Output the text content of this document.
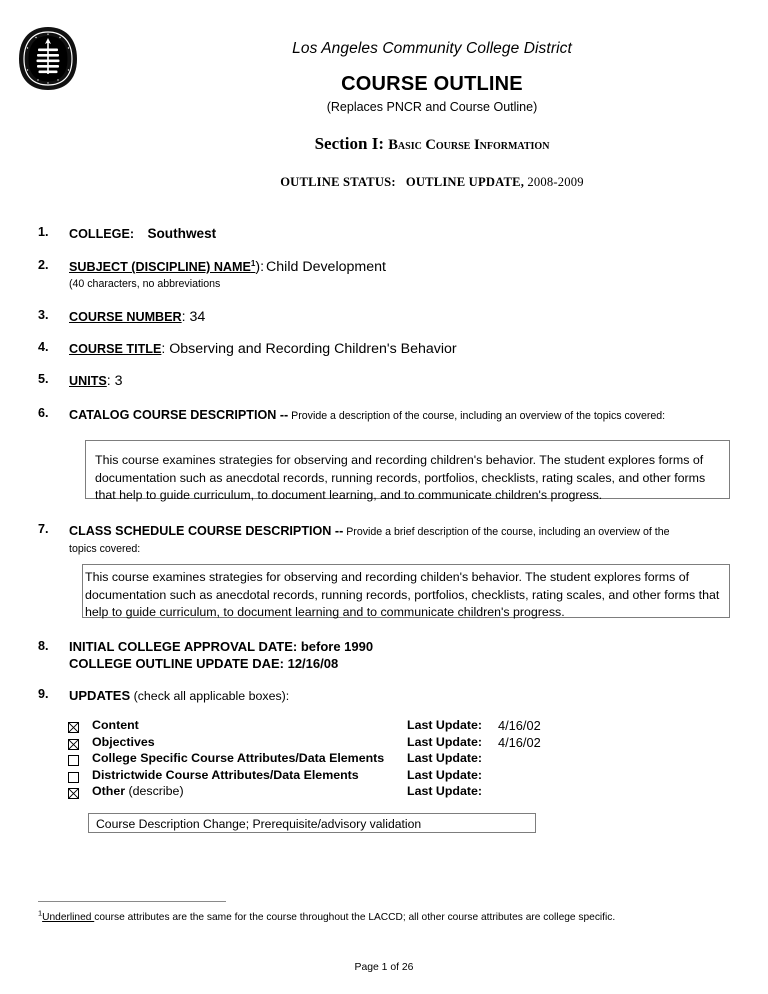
Los Angeles Community College District
COURSE OUTLINE
(Replaces PNCR and Course Outline)
Section I: Basic Course Information
OUTLINE STATUS: OUTLINE UPDATE, 2008-2009
1.	COLLEGE: Southwest
2.	SUBJECT (DISCIPLINE) NAME$^1$): Child Development
(40 characters, no abbreviations
3.	COURSE NUMBER: 34
4.	COURSE TITLE: Observing and Recording Children's Behavior
5.	UNITS: 3
6.	CATALOG COURSE DESCRIPTION -- Provide a description of the course, including an overview of the topics covered:

This course examines strategies for observing and recording children's behavior. The student explores forms of documentation such as anecdotal records, running records, portfolios, checklists, rating scales, and other forms that help to guide curriculum, to document learning, and to communicate children's progress.

7.	CLASS SCHEDULE COURSE DESCRIPTION -- Provide a brief description of the course, including an overview of the
topics covered:

This course examines strategies for observing and recording childen's behavior. The student explores forms of documentation such as anecdotal records, running records, portfolios, checklists, rating scales, and other forms that help to guide curriculum, to document learning and to communicate children's progress.

8.	INITIAL COLLEGE APPROVAL DATE: before 1990
COLLEGE OUTLINE UPDATE DAE: 12/16/08
9.	UPDATES (check all applicable boxes):
Content	Last Update: 4/16/02
Objectives	Last Update: 4/16/02
College Specific Course Attributes/Data Elements Last Update:
Districtwide Course Attributes/Data Elements	Last Update:
Other (describe)	Last Update:

Course Description Change; Prerequisite/advisory validation

$^1$Underlined course attributes are the same for the course throughout the LACCD; all other course attributes are college specific.
Page 1 of 26
